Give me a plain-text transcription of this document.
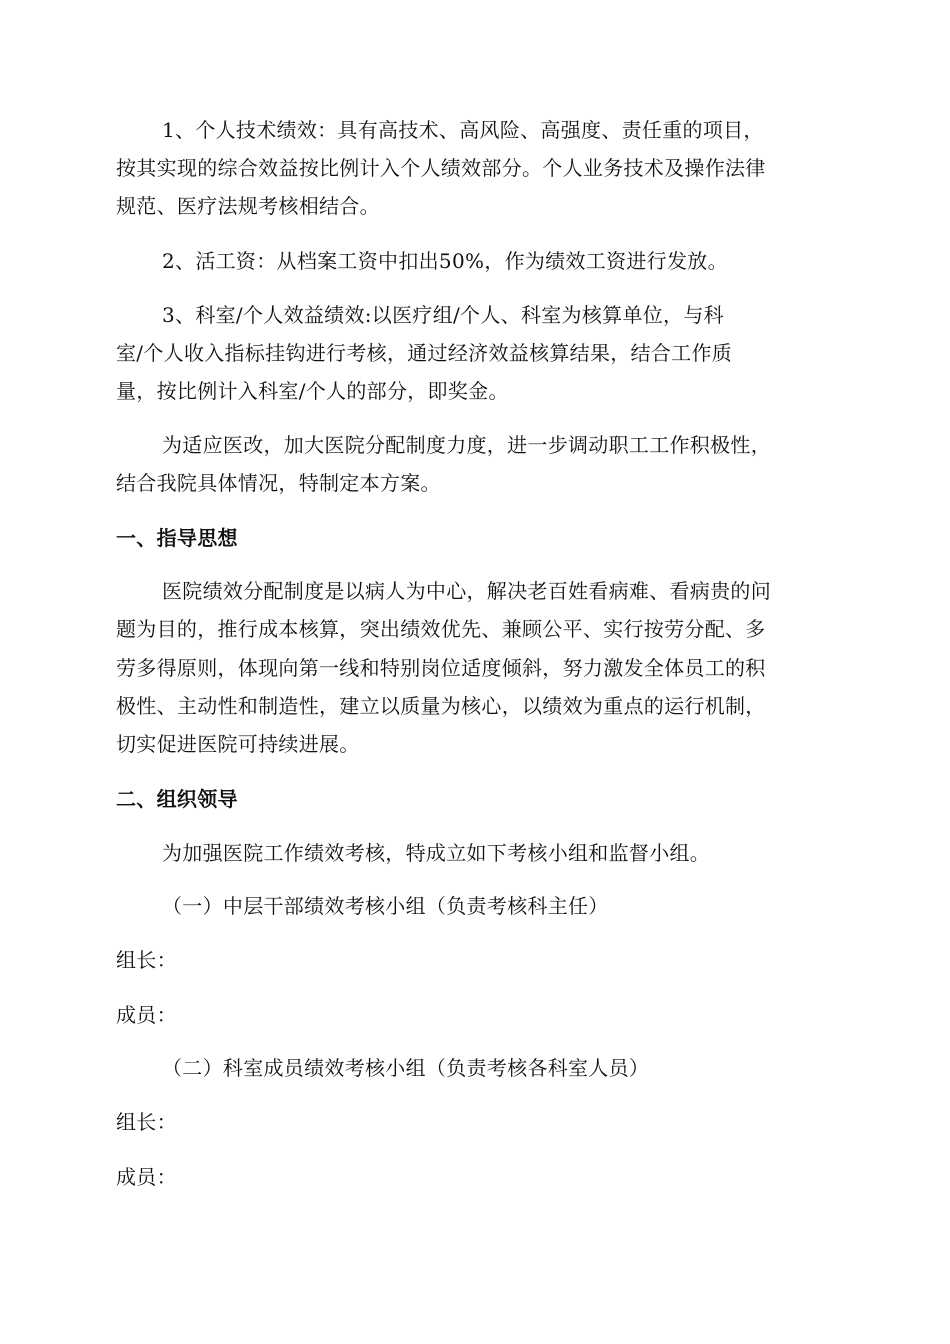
1、个人技术绩效：具有高技术、高风险、高强度、责任重的项目，
按其实现的综合效益按比例计入个人绩效部分。个人业务技术及操作法律
规范、医疗法规考核相结合。
2、活工资：从档案工资中扣出50%，作为绩效工资进行发放。
3、科室/个人效益绩效:以医疗组/个人、科室为核算单位，与科
室/个人收入指标挂钩进行考核，通过经济效益核算结果，结合工作质
量，按比例计入科室/个人的部分，即奖金。
为适应医改，加大医院分配制度力度，进一步调动职工工作积极性，
结合我院具体情况，特制定本方案。
一、指导思想
医院绩效分配制度是以病人为中心，解决老百姓看病难、看病贵的问
题为目的，推行成本核算，突出绩效优先、兼顾公平、实行按劳分配、多
劳多得原则，体现向第一线和特别岗位适度倾斜，努力激发全体员工的积
极性、主动性和制造性，建立以质量为核心，以绩效为重点的运行机制，
切实促进医院可持续进展。
二、组织领导
为加强医院工作绩效考核，特成立如下考核小组和监督小组。
（一）中层干部绩效考核小组（负责考核科主任）
组长：
成员：
（二）科室成员绩效考核小组（负责考核各科室人员）
组长：
成员：
